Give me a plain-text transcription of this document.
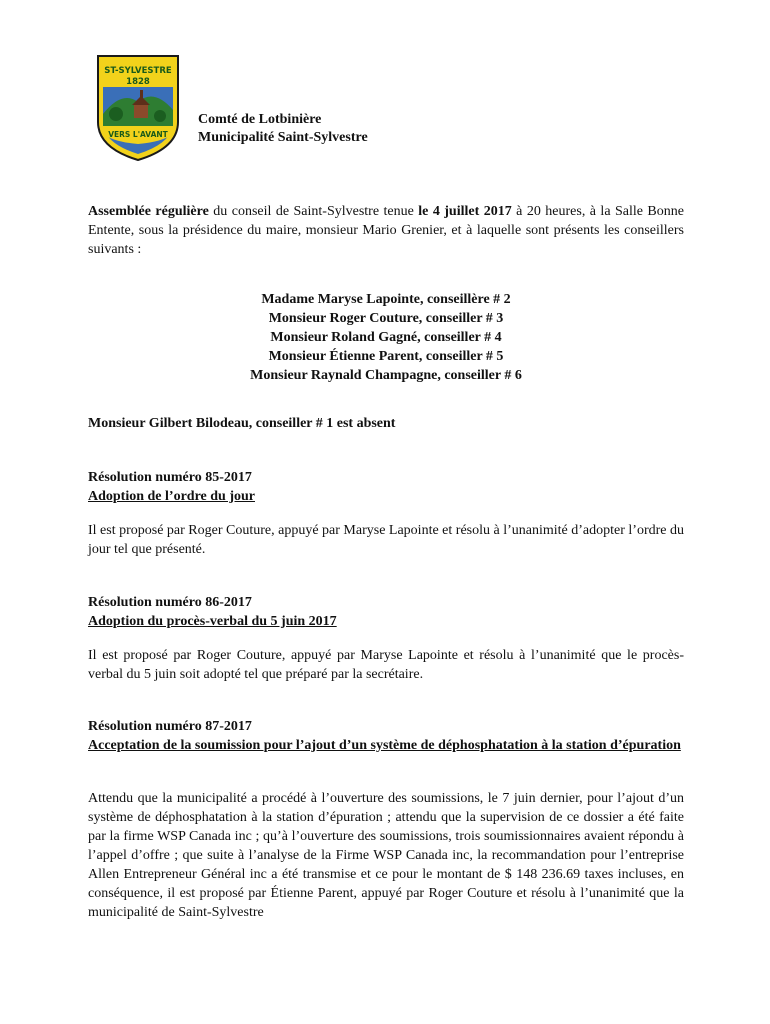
ST-SYLVESTRE
1828
VERS L'AVANT
Comté de Lotbinière
Municipalité Saint-Sylvestre
Assemblée régulière du conseil de Saint-Sylvestre tenue le 4 juillet 2017 à 20 heures, à la Salle Bonne Entente, sous la présidence du maire, monsieur Mario Grenier, et à laquelle sont présents les conseillers suivants :
Madame Maryse Lapointe, conseillère # 2
Monsieur Roger Couture, conseiller # 3
Monsieur Roland Gagné, conseiller # 4
Monsieur Étienne Parent, conseiller # 5
Monsieur Raynald Champagne, conseiller # 6
Monsieur Gilbert Bilodeau, conseiller # 1 est absent
Résolution numéro 85-2017
Adoption de l’ordre du jour
Il est proposé par Roger Couture, appuyé par Maryse Lapointe et résolu à l’unanimité d’adopter l’ordre du jour tel que présenté.
Résolution numéro 86-2017
Adoption du procès-verbal du 5 juin 2017
Il est proposé par Roger Couture, appuyé par Maryse Lapointe et résolu à l’unanimité que le procès-verbal du 5 juin soit adopté tel que préparé par la secrétaire.
Résolution numéro 87-2017
Acceptation de la soumission pour l’ajout d’un système de déphosphatation à la station d’épuration
Attendu que la municipalité a procédé à l’ouverture des soumissions, le 7 juin dernier, pour l’ajout d’un système de déphosphatation à la station d’épuration ; attendu que la supervision de ce dossier a été faite par la firme WSP Canada inc ; qu’à l’ouverture des soumissions, trois soumissionnaires avaient répondu à l’appel d’offre ; que suite à l’analyse de la Firme WSP Canada inc, la recommandation pour l’entreprise Allen Entrepreneur Général inc a été transmise et ce pour le montant de $ 148 236.69 taxes incluses, en conséquence, il est proposé par Étienne Parent, appuyé par Roger Couture et résolu à l’unanimité que la municipalité de Saint-Sylvestre
